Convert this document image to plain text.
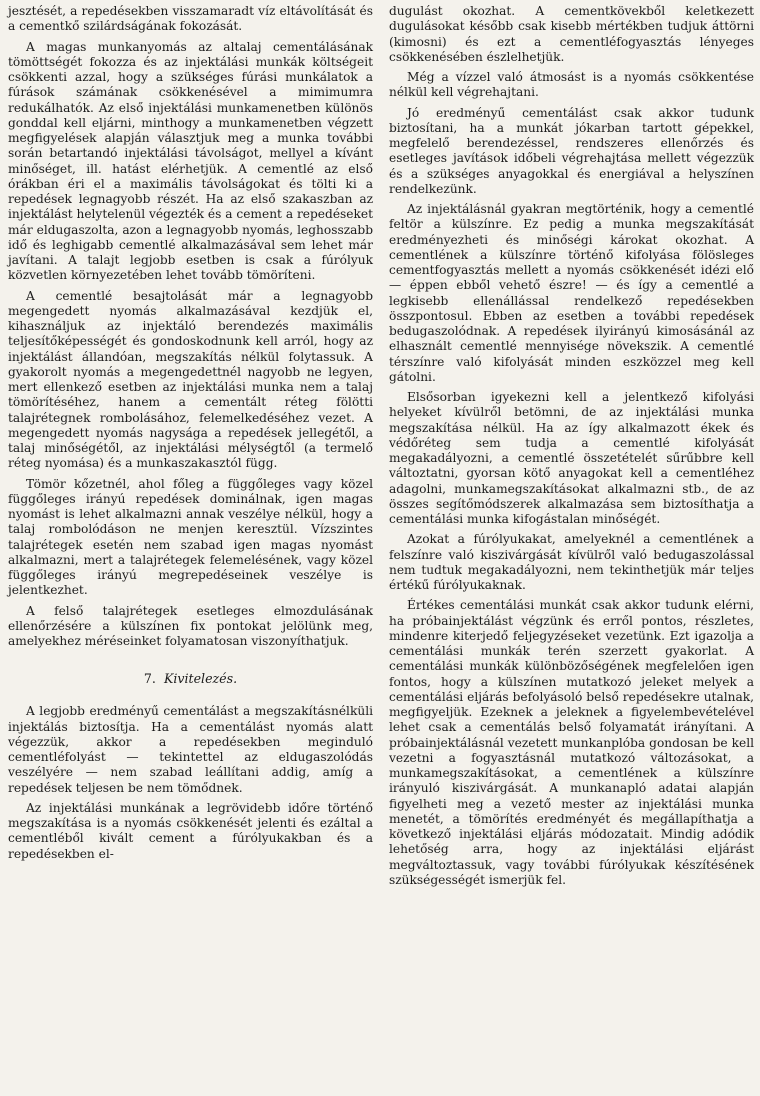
jesztését, a repedésekben visszamaradt víz eltávolítását és a cementkő szilárdságának fokozását.

A magas munkanyomás az altalaj cementálásának tömöttségét fokozza és az injektálási munkák költségeit csökkenti azzal, hogy a szükséges fúrási munkálatok a fúrások számának csökkenésével a mimimumra redukálhatók. Az első injektálási munkamenetben különös gonddal kell eljárni, minthogy a munkamenetben végzett megfigyelések alapján választjuk meg a munka további során betartandó injektálási távolságot, mellyel a kívánt minőséget, ill. hatást elérhetjük. A cementlé az első órákban éri el a maximális távolságokat és tölti ki a repedések legnagyobb részét. Ha az első szakaszban az injektálást helytelenül végezték és a cement a repedéseket már eldugaszolta, azon a legnagyobb nyomás, leghosszabb idő és leghigabb cementlé alkalmazásával sem lehet már javítani. A talajt legjobb esetben is csak a fúrólyuk közvetlen környezetében lehet tovább tömöríteni.

A cementlé besajtolását már a legnagyobb megengedett nyomás alkalmazásával kezdjük el, kihasználjuk az injektáló berendezés maximális teljesítőképességét és gondoskodnunk kell arról, hogy az injektálást állandóan, megszakítás nélkül folytassuk. A gyakorolt nyomás a megengedettnél nagyobb ne legyen, mert ellenkező esetben az injektálási munka nem a talaj tömörítéséhez, hanem a cementált réteg fölötti talajrétegnek rombolásához, felemelkedéséhez vezet. A megengedett nyomás nagysága a repedések jellegétől, a talaj minőségétől, az injektálási mélységtől (a termelő réteg nyomása) és a munkaszakasztól függ.

Tömör kőzetnél, ahol főleg a függőleges vagy közel függőleges irányú repedések dominálnak, igen magas nyomást is lehet alkalmazni annak veszélye nélkül, hogy a talaj rombolódáson ne menjen keresztül. Vízszintes talajrétegek esetén nem szabad igen magas nyomást alkalmazni, mert a talajrétegek felemelésének, vagy közel függőleges irányú megrepedéseinek veszélye is jelentkezhet.

A felső talajrétegek esetleges elmozdulásának ellenőrzésére a külszínen fix pontokat jelölünk meg, amelyekhez méréseinket folyamatosan viszonyíthatjuk.

7. Kivitelezés.

A legjobb eredményű cementálást a megszakításnélküli injektálás biztosítja. Ha a cementálást nyomás alatt végezzük, akkor a repedésekben meginduló cementléfolyást — tekintettel az eldugaszolódás veszélyére — nem szabad leállítani addig, amíg a repedések teljesen be nem tömődnek.

Az injektálási munkának a legrövidebb időre történő megszakítása is a nyomás csökkenését jelenti és ezáltal a cementléből kivált cement a fúrólyukakban és a repedésekben el-

dugulást okozhat. A cementkövekből keletkezett dugulásokat később csak kisebb mértékben tudjuk áttörni (kimosni) és ezt a cementléfogyasztás lényeges csökkenésében észlelhetjük.

Még a vízzel való átmosást is a nyomás csökkentése nélkül kell végrehajtani.

Jó eredményű cementálást csak akkor tudunk biztosítani, ha a munkát jókarban tartott gépekkel, megfelelő berendezéssel, rendszeres ellenőrzés és esetleges javítások időbeli végrehajtása mellett végezzük és a szükséges anyagokkal és energiával a helyszínen rendelkezünk.

Az injektálásnál gyakran megtörténik, hogy a cementlé feltör a külszínre. Ez pedig a munka megszakítását eredményezheti és minőségi károkat okozhat. A cementlének a külszínre történő kifolyása fölösleges cementfogyasztás mellett a nyomás csökkenését idézi elő — éppen ebből vehető észre! — és így a cementlé a legkisebb ellenállással rendelkező repedésekben összpontosul. Ebben az esetben a további repedések bedugaszolódnak. A repedések ilyirányú kimosásánál az elhasznált cementlé mennyisége növekszik. A cementlé térszínre való kifolyását minden eszközzel meg kell gátolni.

Elsősorban igyekezni kell a jelentkező kifolyási helyeket kívülről betömni, de az injektálási munka megszakítása nélkül. Ha az így alkalmazott ékek és védőréteg sem tudja a cementlé kifolyását megakadályozni, a cementlé összetételét sűrűbbre kell változtatni, gyorsan kötő anyagokat kell a cementléhez adagolni, munkamegszakításokat alkalmazni stb., de az összes segítőmódszerek alkalmazása sem biztosíthatja a cementálási munka kifogástalan minőségét.

Azokat a fúrólyukakat, amelyeknél a cementlének a felszínre való kiszivárgását kívülről való bedugaszolással nem tudtuk megakadályozni, nem tekinthetjük már teljes értékű fúrólyukaknak.

Értékes cementálási munkát csak akkor tudunk elérni, ha próbainjektálást végzünk és erről pontos, részletes, mindenre kiterjedő feljegyzéseket vezetünk. Ezt igazolja a cementálási munkák terén szerzett gyakorlat. A cementálási munkák különbözőségének megfelelően igen fontos, hogy a külszínen mutatkozó jeleket melyek a cementálási eljárás befolyásoló belső repedésekre utalnak, megfigyeljük. Ezeknek a jeleknek a figyelembevételével lehet csak a cementálás belső folyamatát irányítani. A próbainjektálásnál vezetett munkanplóba gondosan be kell vezetni a fogyasztásnál mutatkozó változásokat, a munkamegszakításokat, a cementlének a külszínre irányuló kiszivárgását. A munkanapló adatai alapján figyelheti meg a vezető mester az injektálási munka menetét, a tömörítés eredményét és megállapíthatja a következő injektálási eljárás módozatait. Mindig adódik lehetőség arra, hogy az injektálási eljárást megváltoztassuk, vagy további fúrólyukak készítésének szükségességét ismerjük fel.
